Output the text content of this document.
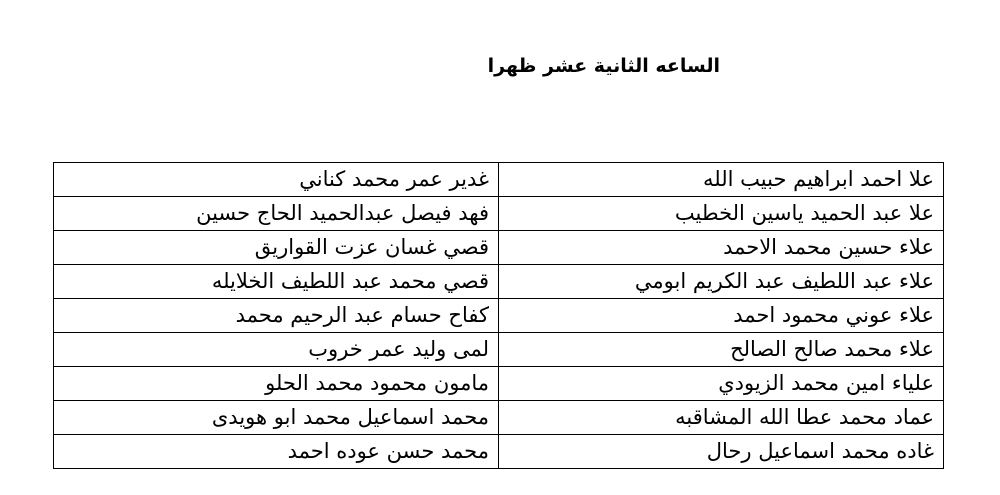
الساعه الثانية عشر ظهرا
علا احمد ابراهيم حبيب الله	غدير عمر محمد كناني
علا عبد الحميد ياسين الخطيب	فهد فيصل عبدالحميد الحاج حسين
علاء حسين محمد الاحمد	قصي غسان عزت القواريق
علاء عبد اللطيف عبد الكريم ابومي	قصي محمد عبد اللطيف الخلايله
علاء عوني محمود احمد	كفاح حسام عبد الرحيم محمد
علاء محمد صالح الصالح	لمى وليد عمر خروب
علياء امين محمد الزيودي	مامون محمود محمد الحلو
عماد محمد عطا الله المشاقبه	محمد اسماعيل محمد ابو هويدى
غاده محمد اسماعيل رحال	محمد حسن عوده احمد
